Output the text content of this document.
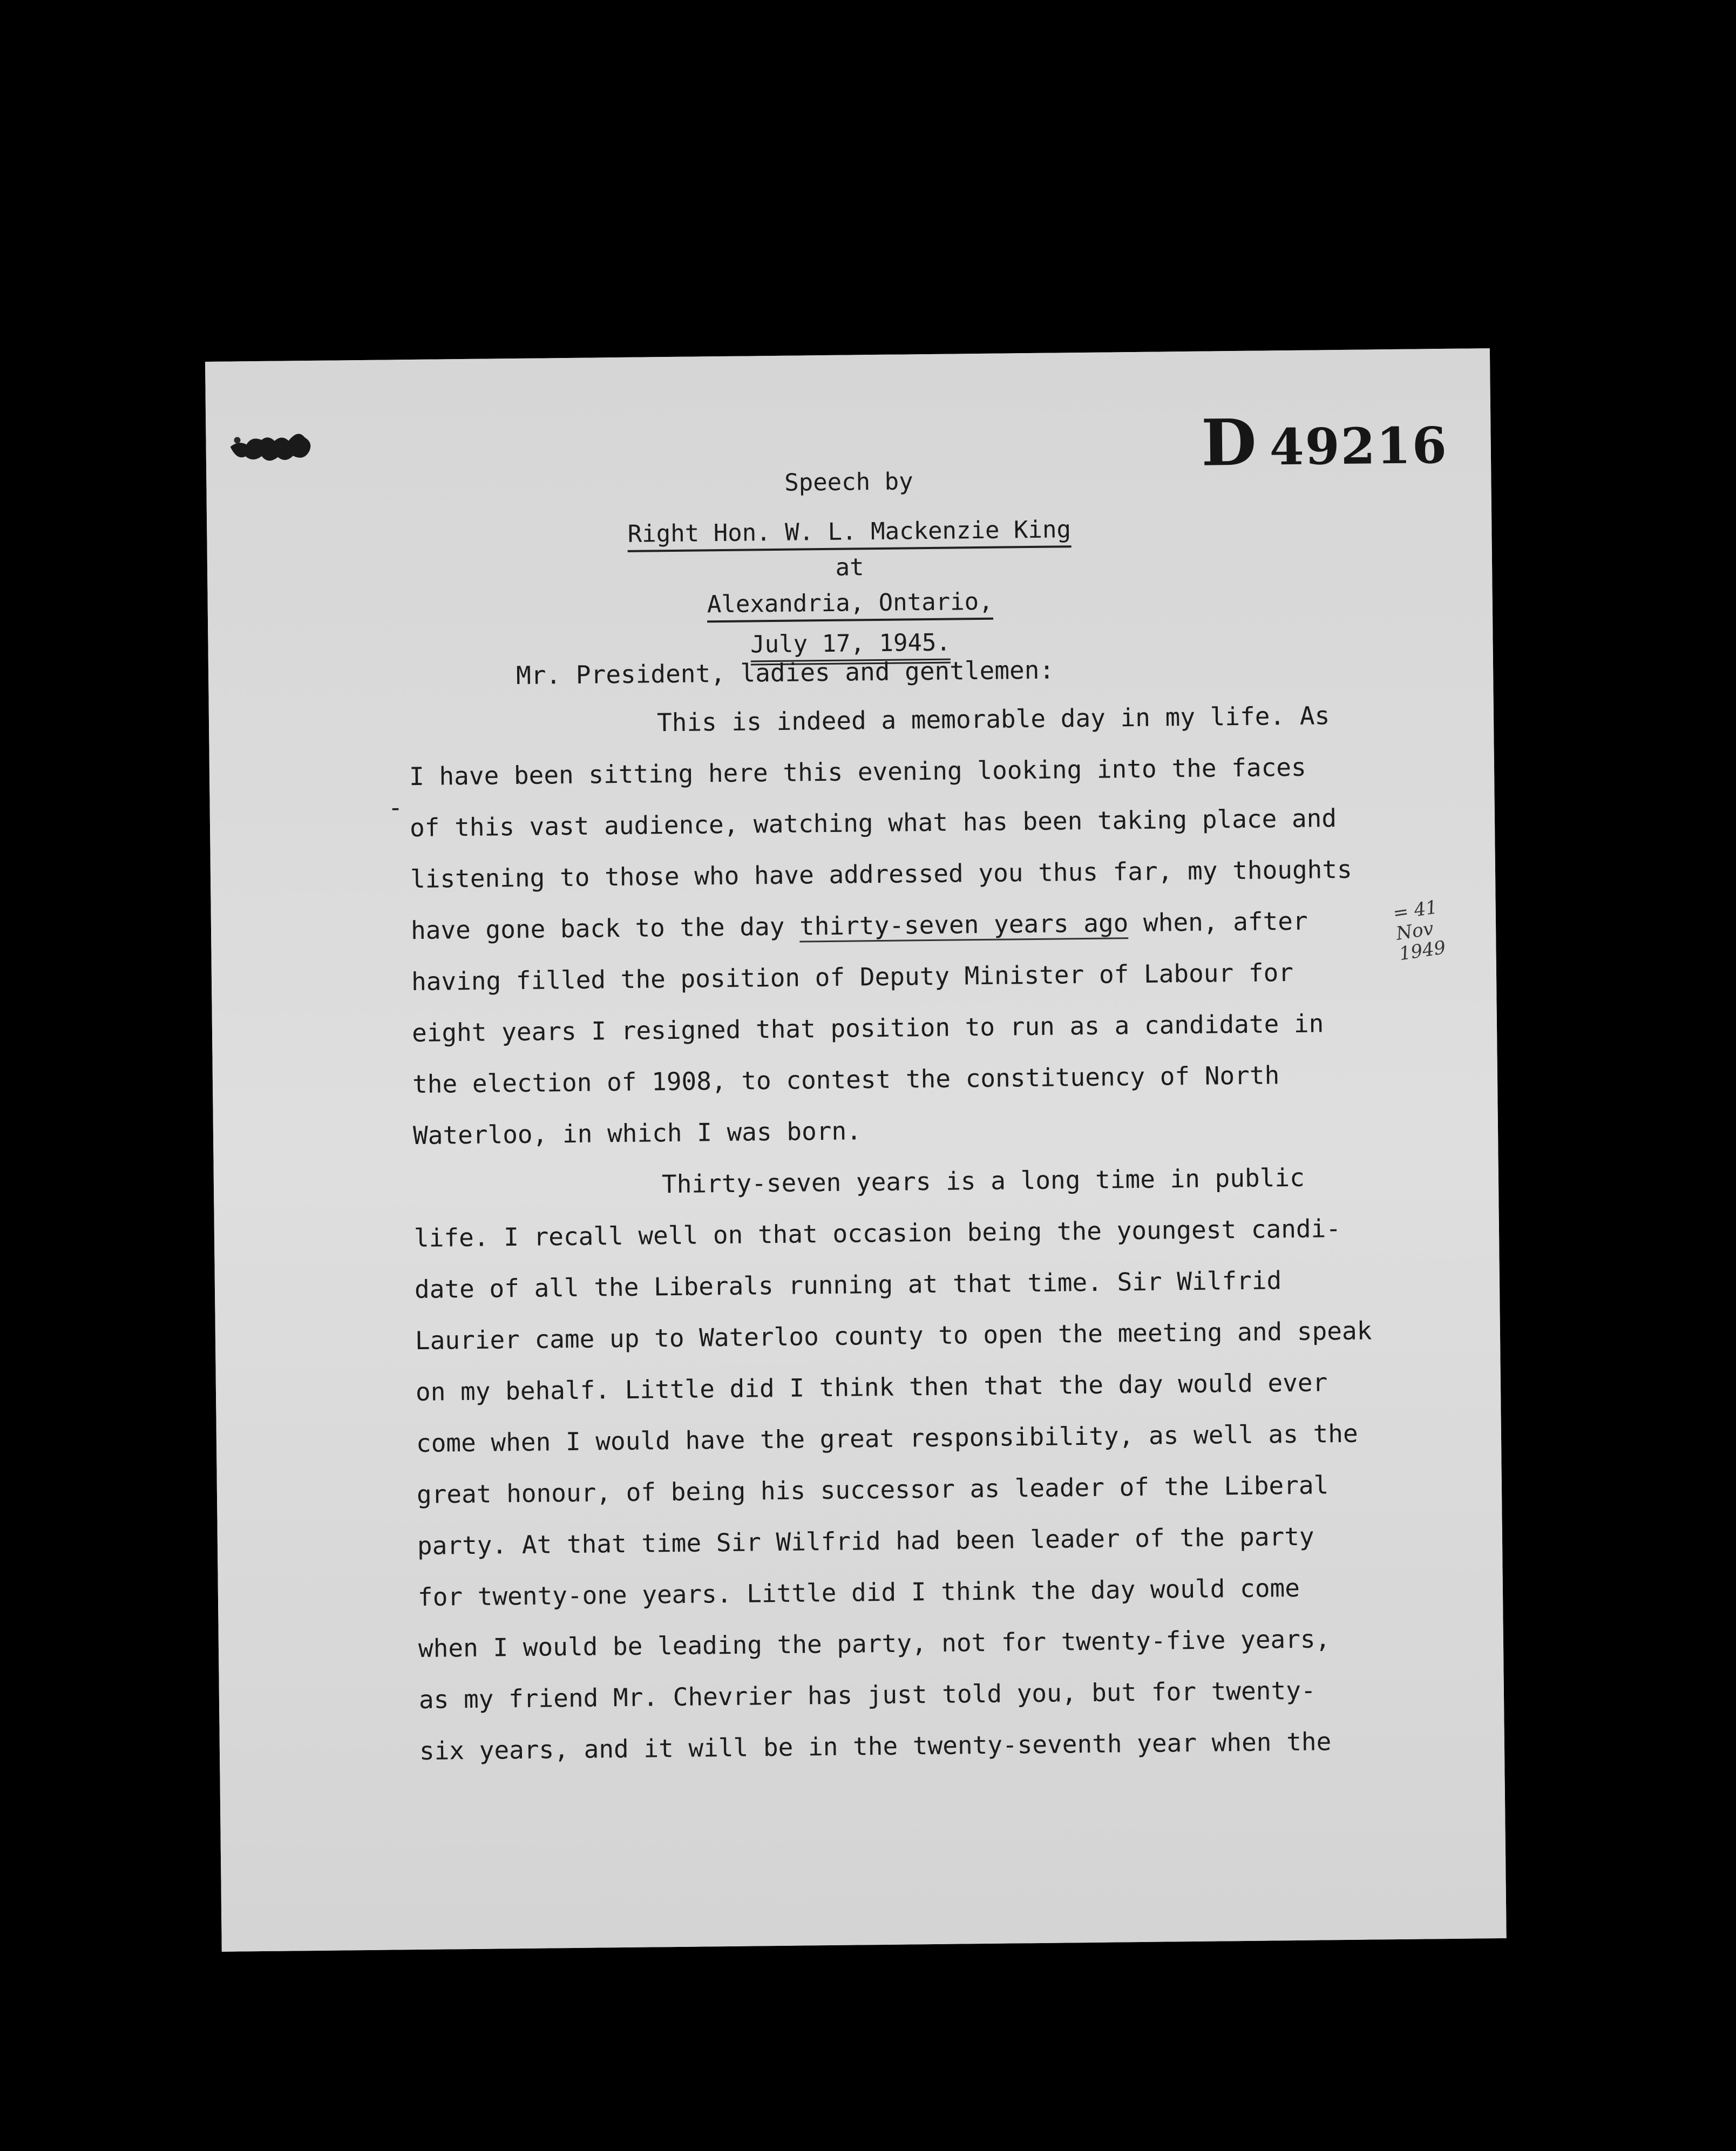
D 49216
Speech by
Right Hon. W. L. Mackenzie King
at
Alexandria, Ontario,
July 17, 1945.
Mr. President, ladies and gentlemen:
-

This is indeed a memorable day in my life. As
I have been sitting here this evening looking into the faces
of this vast audience, watching what has been taking place and
listening to those who have addressed you thus far, my thoughts
have gone back to the day thirty-seven years ago when, after
having filled the position of Deputy Minister of Labour for
eight years I resigned that position to run as a candidate in
the election of 1908, to contest the constituency of North
Waterloo, in which I was born.

Thirty-seven years is a long time in public
life. I recall well on that occasion being the youngest candi-
date of all the Liberals running at that time. Sir Wilfrid
Laurier came up to Waterloo county to open the meeting and speak
on my behalf. Little did I think then that the day would ever
come when I would have the great responsibility, as well as the
great honour, of being his successor as leader of the Liberal
party. At that time Sir Wilfrid had been leader of the party
for twenty-one years. Little did I think the day would come
when I would be leading the party, not for twenty-five years,
as my friend Mr. Chevrier has just told you, but for twenty-
six years, and it will be in the twenty-seventh year when the

= 41
Nov
1949
